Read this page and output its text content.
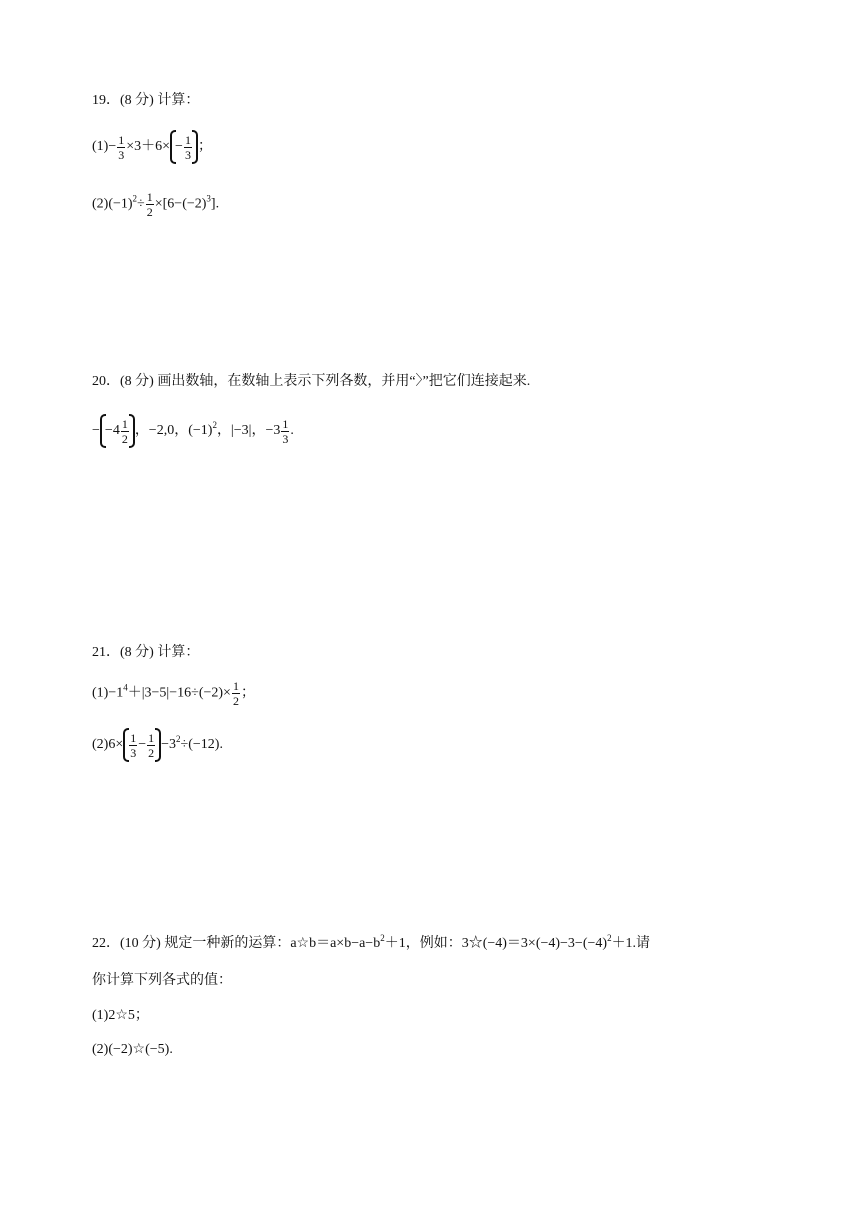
19．(8 分) 计算：
$(1)- \frac{1}{3} \times 3+6\times - \frac{1}{3}$ ；
$(2)(-1)^2\div \frac{1}{2} \times[6-(-2)^3]$.
20．(8 分) 画出数轴，在数轴上表示下列各数，并用“〉”把它们连接起来.
− − $4 \frac{1}{2}$ ，−2,0，$(-1)^2$，|−3|，$-3 \frac{1}{3}$ .
21．(8 分) 计算：
$(1)-1^4+|3-5|-16\div(-2)\times \frac{1}{2}$ ；
$(2)6\times \frac{1}{3} - \frac{1}{2} -3^2\div(-12)$.
22．(10 分) 规定一种新的运算：$a☆b=a\times b-a-b^2+1$，例如：$3☆(-4)=3\times(-4)-3-(-4)^2+1$.请
你计算下列各式的值：
(1)2☆5；
(2)(−2)☆(−5).
